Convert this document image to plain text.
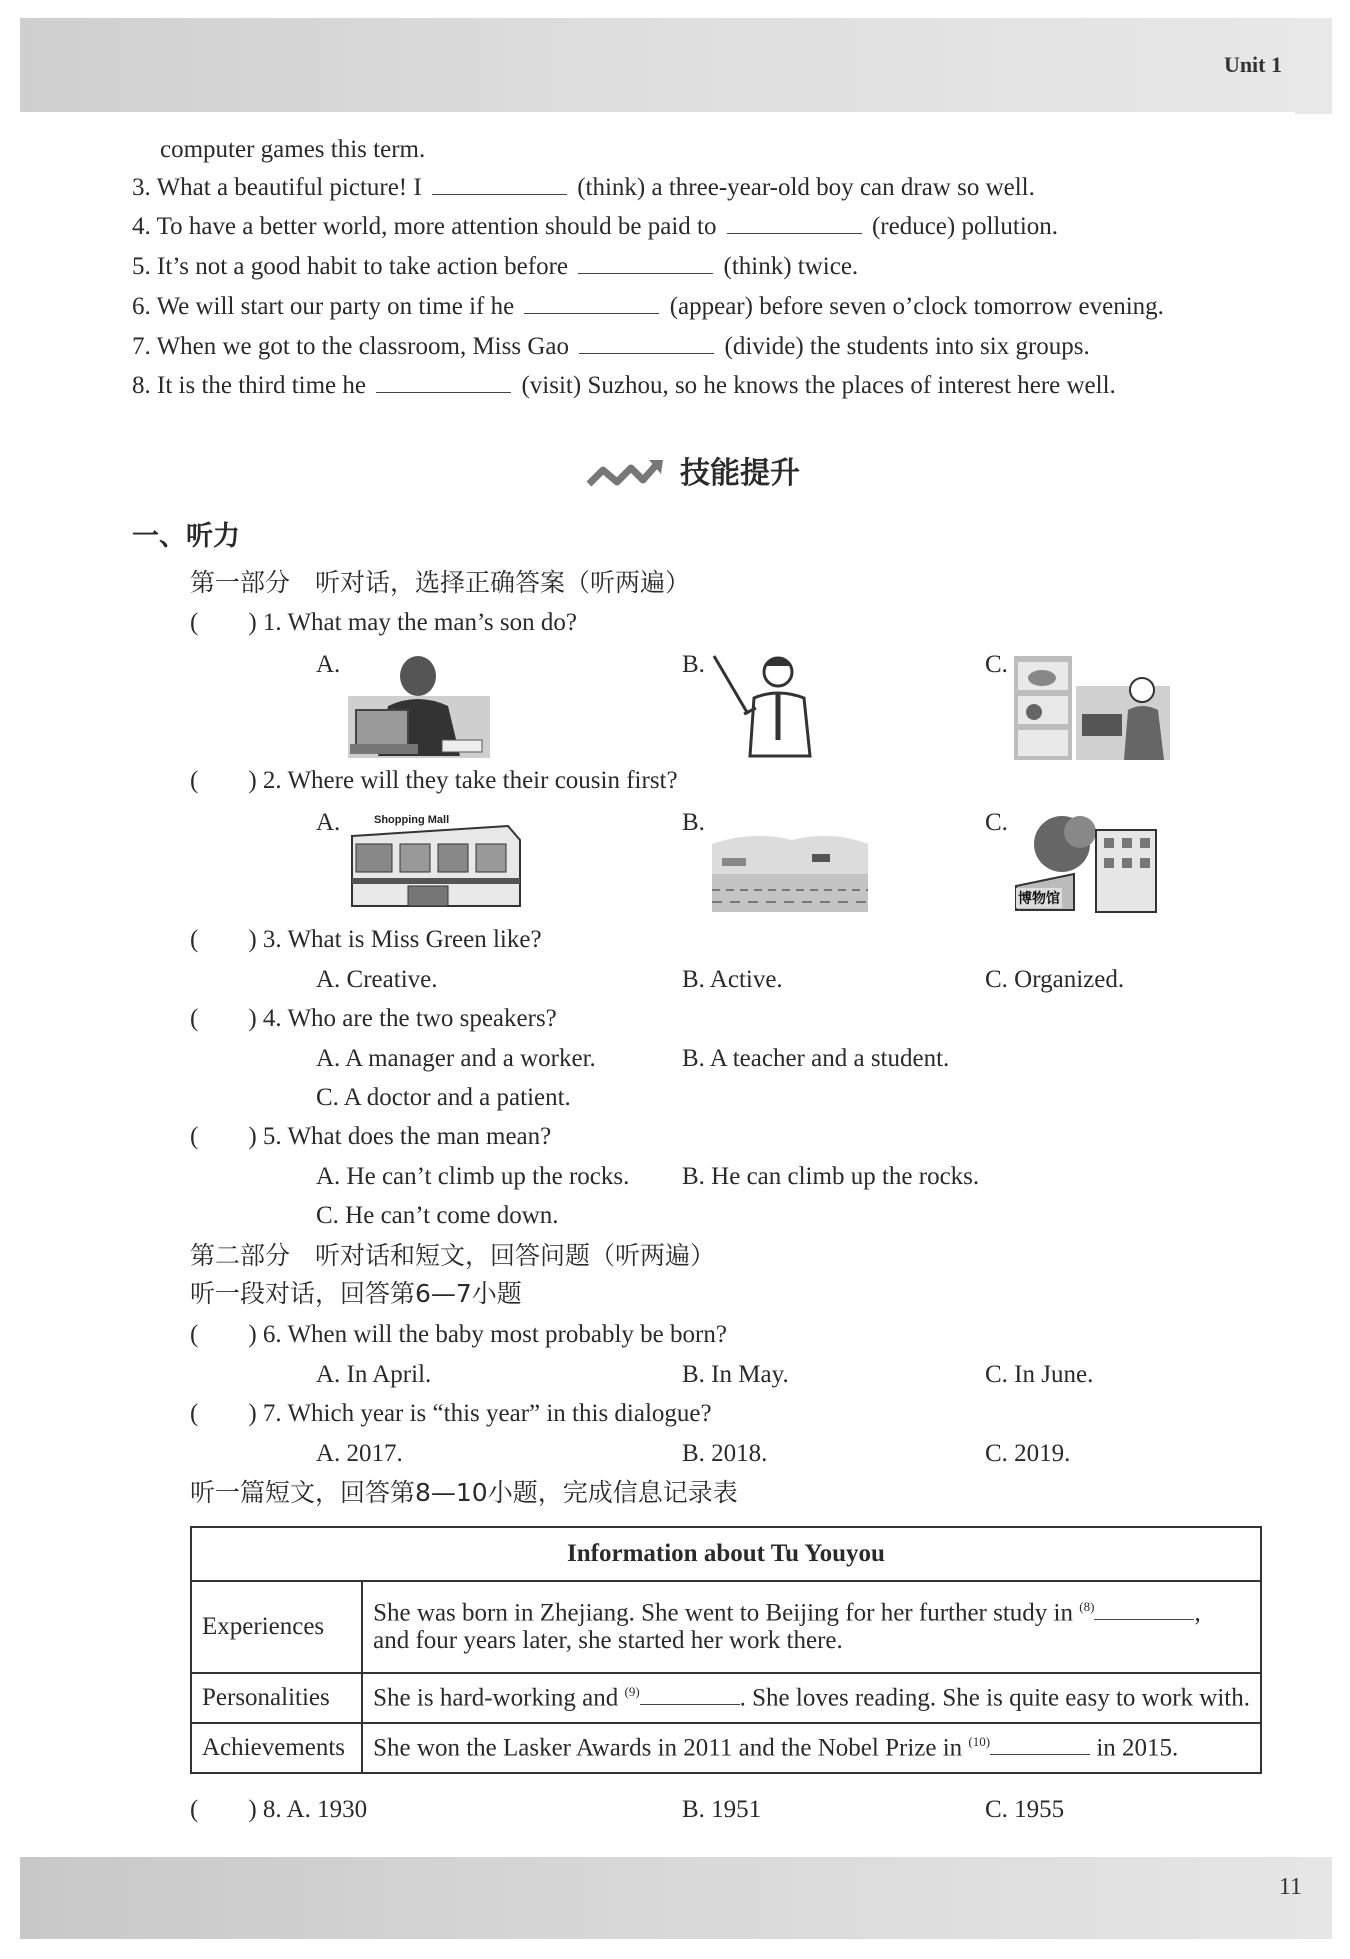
Unit 1
computer games this term.
3. What a beautiful picture! I	(think) a three-year-old boy can draw so well.
4. To have a better world, more attention should be paid to	(reduce) pollution.
5. It’s not a good habit to take action before	(think) twice.
6. We will start our party on time if he	(appear) before seven o’clock tomorrow evening.
7. When we got to the classroom, Miss Gao	(divide) the students into six groups.
8. It is the third time he	(visit) Suzhou, so he knows the places of interest here well.
技能提升
一、听力
第一部分　听对话，选择正确答案（听两遍）
(　　) 1. What may the man’s son do?
A.	B.	C.
(　　) 2. Where will they take their cousin first?
A.	B.	C.
Shopping Mall
博物馆
(　　) 3. What is Miss Green like?
A. Creative.	B. Active.	C. Organized.
(　　) 4. Who are the two speakers?
A. A manager and a worker.	B. A teacher and a student.
C. A doctor and a patient.
(　　) 5. What does the man mean?
A. He can’t climb up the rocks. B. He can climb up the rocks.
C. He can’t come down.
第二部分　听对话和短文，回答问题（听两遍）
听一段对话，回答第6—7小题
(　　) 6. When will the baby most probably be born?
A. In April.	B. In May.	C. In June.
(　　) 7. Which year is “this year” in this dialogue?
A. 2017.	B. 2018.	C. 2019.
听一篇短文，回答第8—10小题，完成信息记录表
Information about Tu Youyou	
Experiences	She was born in Zhejiang. She went to Beijing for her further study in $^{(8)}$ ,
and four years later, she started her work there.
Personalities	She is hard-working and $^{(9)}$ . She loves reading. She is quite easy to work with.
Achievements	She won the Lasker Awards in 2011 and the Nobel Prize in $^{(10)}$ in 2015.
(　　) 8. A. 1930	B. 1951	C. 1955
11
